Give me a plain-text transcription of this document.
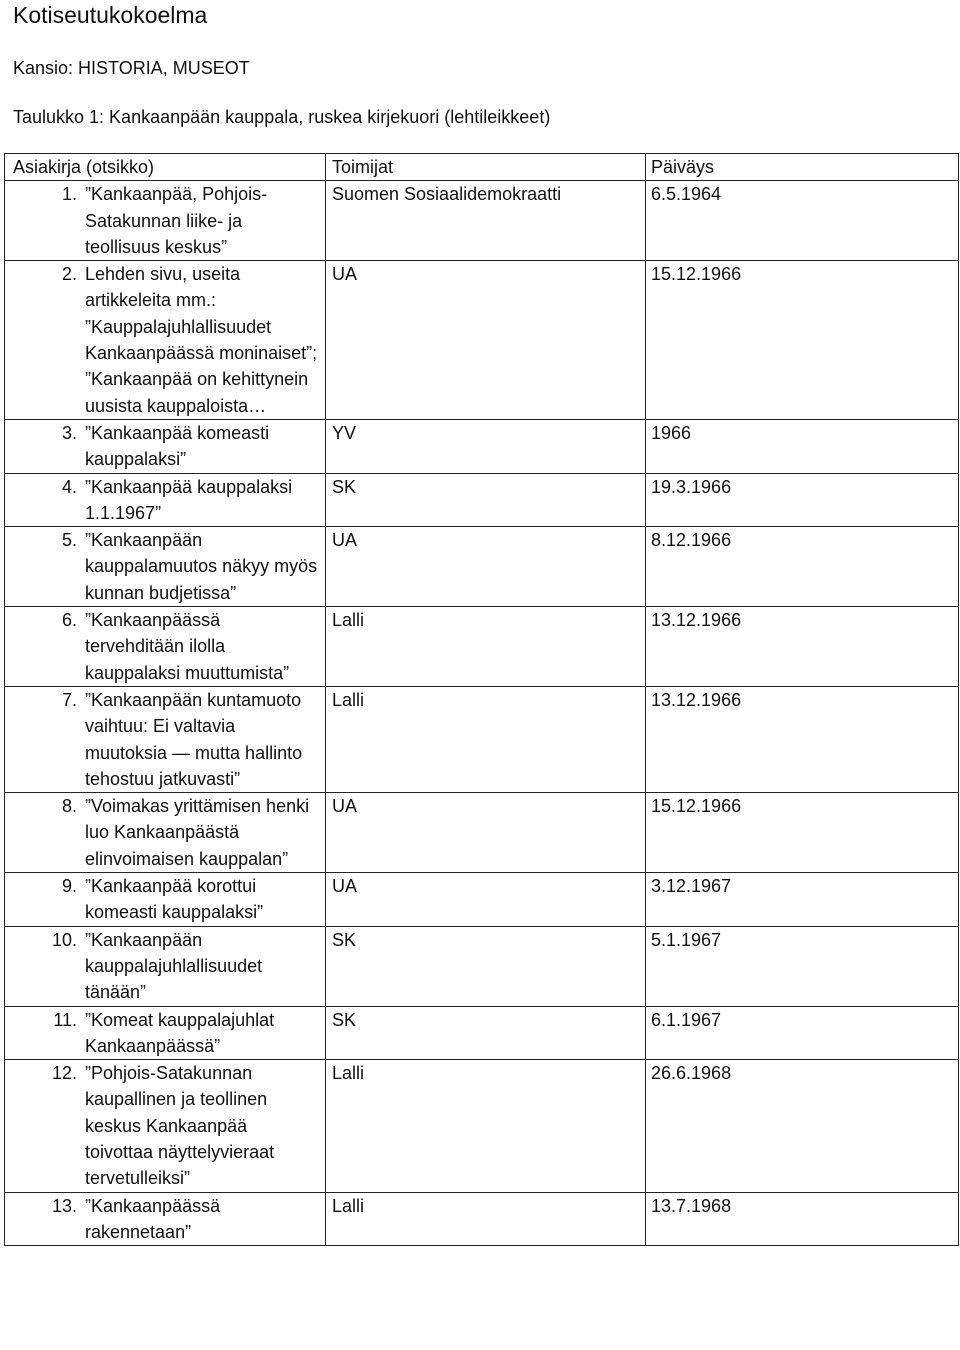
Kotiseutukokoelma
Kansio: HISTORIA, MUSEOT
Taulukko 1: Kankaanpään kauppala, ruskea kirjekuori (lehtileikkeet)
Asiakirja (otsikko)	Toimijat	Päiväys

1. ”Kankaanpää, Pohjois-Satakunnan liike- ja teollisuus keskus”	Suomen Sosiaalidemokraatti	6.5.1964

2. Lehden sivu, useita artikkeleita mm.: ”Kauppalajuhlallisuudet Kankaanpäässä moninaiset”; ”Kankaanpää on kehittynein uusista kauppaloista…	UA	15.12.1966

3. ”Kankaanpää komeasti kauppalaksi”	YV	1966

4. ”Kankaanpää kauppalaksi 1.1.1967”	SK	19.3.1966

5. ”Kankaanpään kauppalamuutos näkyy myös kunnan budjetissa”	UA	8.12.1966

6. ”Kankaanpäässä tervehditään ilolla kauppalaksi muuttumista”	Lalli	13.12.1966

7. ”Kankaanpään kuntamuoto vaihtuu: Ei valtavia muutoksia — mutta hallinto tehostuu jatkuvasti”	Lalli	13.12.1966

8. ”Voimakas yrittämisen henki luo Kankaanpäästä elinvoimaisen kauppalan”	UA	15.12.1966

9. ”Kankaanpää korottui komeasti kauppalaksi”	UA	3.12.1967

10. ”Kankaanpään kauppalajuhlallisuudet tänään”	SK	5.1.1967

11. ”Komeat kauppalajuhlat Kankaanpäässä”	SK	6.1.1967

12. ”Pohjois-Satakunnan kaupallinen ja teollinen keskus Kankaanpää toivottaa näyttelyvieraat tervetulleiksi”	Lalli	26.6.1968

13. ”Kankaanpäässä rakennetaan”	Lalli	13.7.1968
